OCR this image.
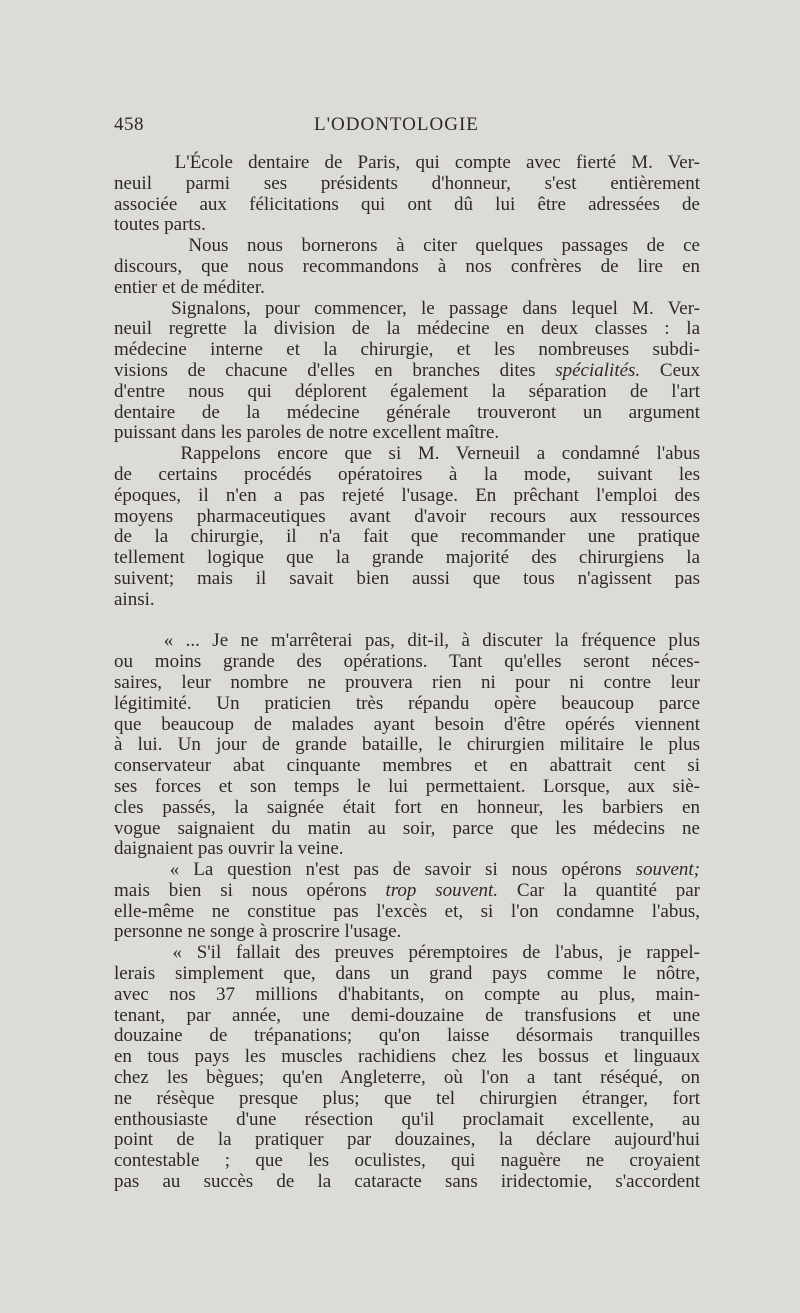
458	L'ODONTOLOGIE
L'École dentaire de Paris, qui compte avec fierté M. Ver-
neuil parmi ses présidents d'honneur, s'est entièrement
associée aux félicitations qui ont dû lui être adressées de
toutes parts.
Nous nous bornerons à citer quelques passages de ce
discours, que nous recommandons à nos confrères de lire en
entier et de méditer.
Signalons, pour commencer, le passage dans lequel M. Ver-
neuil regrette la division de la médecine en deux classes : la
médecine interne et la chirurgie, et les nombreuses subdi-
visions de chacune d'elles en branches dites spécialités. Ceux
d'entre nous qui déplorent également la séparation de l'art
dentaire de la médecine générale trouveront un argument
puissant dans les paroles de notre excellent maître.
Rappelons encore que si M. Verneuil a condamné l'abus
de certains procédés opératoires à la mode, suivant les
époques, il n'en a pas rejeté l'usage. En prêchant l'emploi des
moyens pharmaceutiques avant d'avoir recours aux ressources
de la chirurgie, il n'a fait que recommander une pratique
tellement logique que la grande majorité des chirurgiens la
suivent; mais il savait bien aussi que tous n'agissent pas
ainsi.
« ... Je ne m'arrêterai pas, dit-il, à discuter la fréquence plus
ou moins grande des opérations. Tant qu'elles seront néces-
saires, leur nombre ne prouvera rien ni pour ni contre leur
légitimité. Un praticien très répandu opère beaucoup parce
que beaucoup de malades ayant besoin d'être opérés viennent
à lui. Un jour de grande bataille, le chirurgien militaire le plus
conservateur abat cinquante membres et en abattrait cent si
ses forces et son temps le lui permettaient. Lorsque, aux siè-
cles passés, la saignée était fort en honneur, les barbiers en
vogue saignaient du matin au soir, parce que les médecins ne
daignaient pas ouvrir la veine.
« La question n'est pas de savoir si nous opérons souvent;
mais bien si nous opérons trop souvent. Car la quantité par
elle-même ne constitue pas l'excès et, si l'on condamne l'abus,
personne ne songe à proscrire l'usage.
« S'il fallait des preuves péremptoires de l'abus, je rappel-
lerais simplement que, dans un grand pays comme le nôtre,
avec nos 37 millions d'habitants, on compte au plus, main-
tenant, par année, une demi-douzaine de transfusions et une
douzaine de trépanations; qu'on laisse désormais tranquilles
en tous pays les muscles rachidiens chez les bossus et linguaux
chez les bègues; qu'en Angleterre, où l'on a tant réséqué, on
ne résèque presque plus; que tel chirurgien étranger, fort
enthousiaste d'une résection qu'il proclamait excellente, au
point de la pratiquer par douzaines, la déclare aujourd'hui
contestable ; que les oculistes, qui naguère ne croyaient
pas au succès de la cataracte sans iridectomie, s'accordent
